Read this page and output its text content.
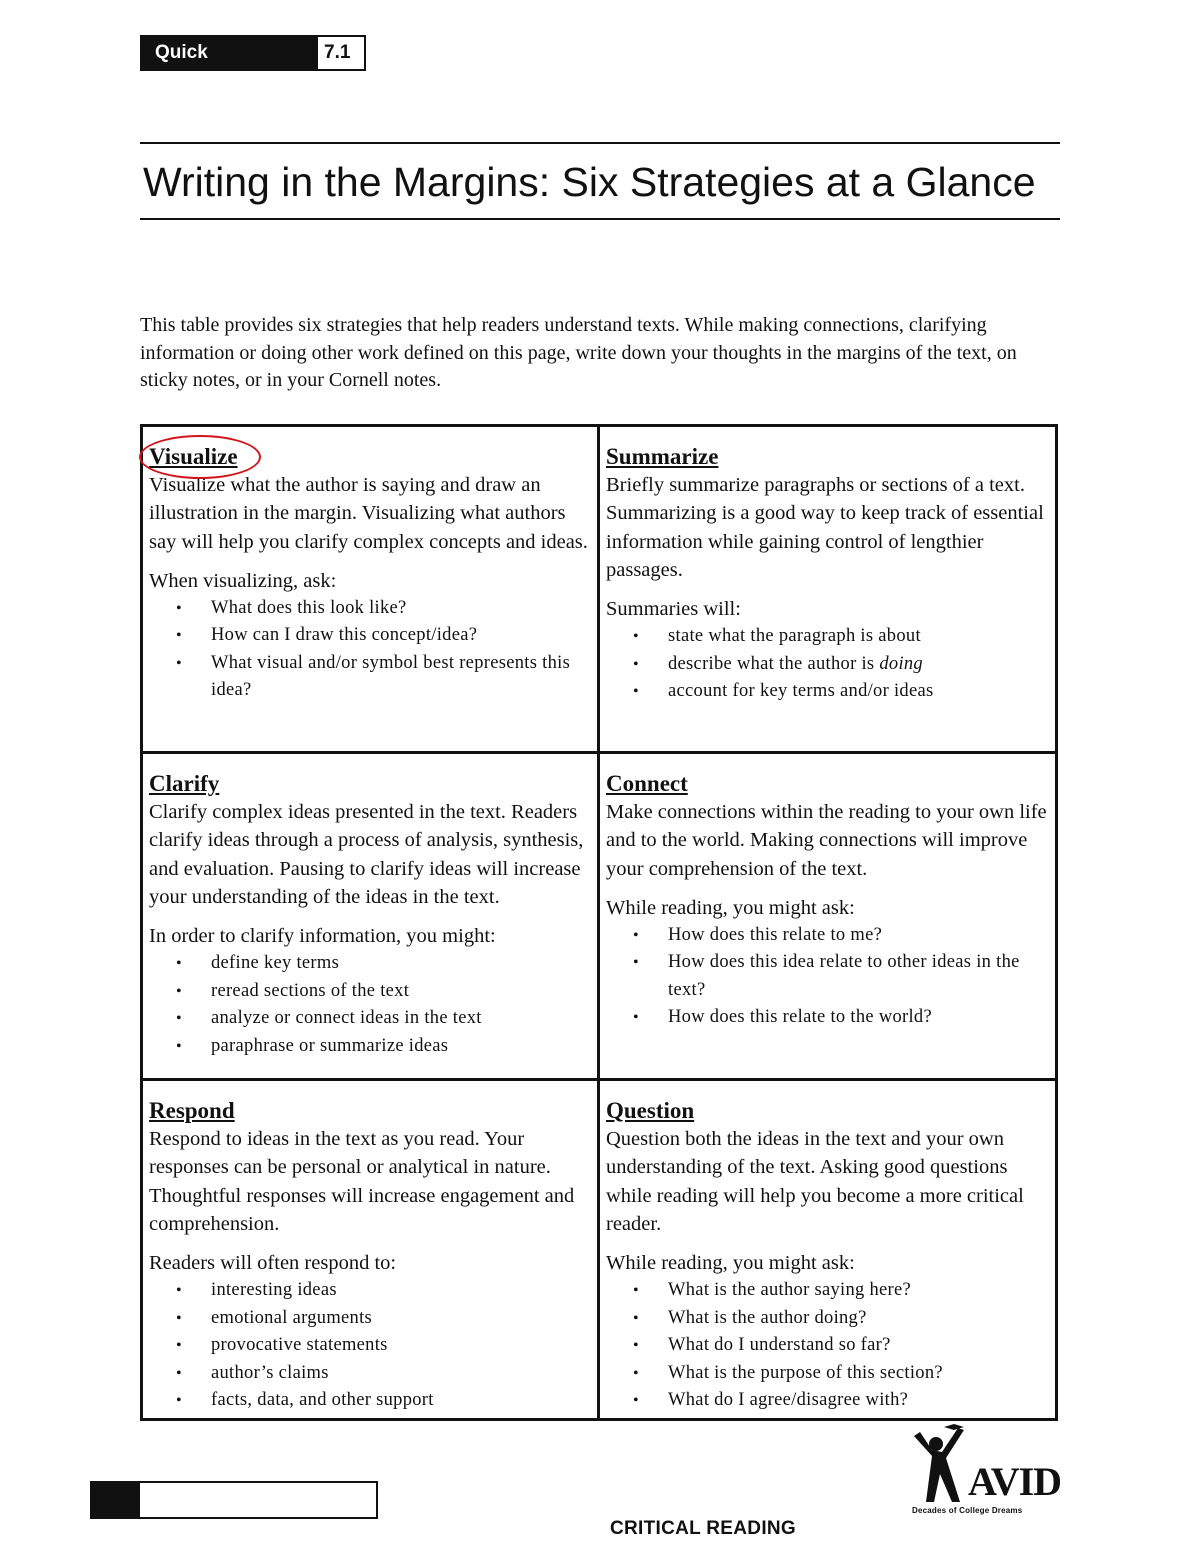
Quick Reference
7.1
Writing in the Margins: Six Strategies at a Glance

This table provides six strategies that help readers understand texts. While making connections, clarifying information or doing other work defined on this page, write down your thoughts in the margins of the text, on sticky notes, or in your Cornell notes.

Visualize

Visualize what the author is saying and draw an illustration in the margin. Visualizing what authors say will help you clarify complex concepts and ideas.

When visualizing, ask:

• What does this look like?
• How can I draw this concept/idea?
• What visual and/or symbol best represents this idea?
Summarize

Briefly summarize paragraphs or sections of a text. Summarizing is a good way to keep track of essential information while gaining control of lengthier passages.

Summaries will:

• state what the paragraph is about
• describe what the author is doing
• account for key terms and/or ideas
Clarify

Clarify complex ideas presented in the text. Readers clarify ideas through a process of analysis, synthesis, and evaluation. Pausing to clarify ideas will increase your understanding of the ideas in the text.

In order to clarify information, you might:

• define key terms
• reread sections of the text
• analyze or connect ideas in the text
• paraphrase or summarize ideas
Connect

Make connections within the reading to your own life and to the world. Making connections will improve your comprehension of the text.

While reading, you might ask:

• How does this relate to me?
• How does this idea relate to other ideas in the text?
• How does this relate to the world?
Respond

Respond to ideas in the text as you read. Your responses can be personal or analytical in nature. Thoughtful responses will increase engagement and comprehension.

Readers will often respond to:

• interesting ideas
• emotional arguments
• provocative statements
• author’s claims
• facts, data, and other support
Question

Question both the ideas in the text and your own understanding of the text. Asking good questions while reading will help you become a more critical reader.

While reading, you might ask:

• What is the author saying here?
• What is the author doing?
• What do I understand so far?
• What is the purpose of this section?
• What do I agree/disagree with?
CRITICAL READING
AVID
Decades of College Dreams
